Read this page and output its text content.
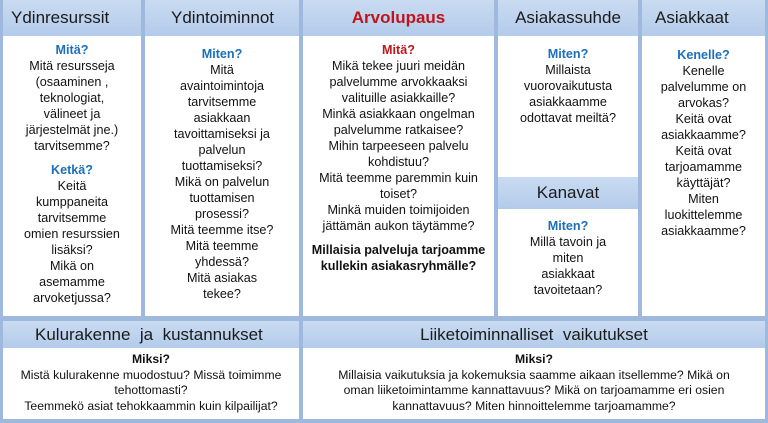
Ydinresurssit
Mitä?
Mitä resursseja
(osaaminen ,
teknologiat,
välineet ja
järjestelmät jne.)
tarvitsemme?
Ketkä?
Keitä
kumppaneita
tarvitsemme
omien resurssien
lisäksi?
Mikä on
asemamme
arvoketjussa?
Ydintoiminnot
Miten?
Mitä
avaintoimintoja
tarvitsemme
asiakkaan
tavoittamiseksi ja
palvelun
tuottamiseksi?
Mikä on palvelun
tuottamisen
prosessi?
Mitä teemme itse?
Mitä teemme
yhdessä?
Mitä asiakas
tekee?
Arvolupaus
Mitä?
Mikä tekee juuri meidän
palvelumme arvokkaaksi
valituille asiakkaille?
Minkä asiakkaan ongelman
palvelumme ratkaisee?
Mihin tarpeeseen palvelu
kohdistuu?
Mitä teemme paremmin kuin
toiset?
Minkä muiden toimijoiden
jättämän aukon täytämme?
Millaisia palveluja tarjoamme
kullekin asiakasryhmälle?
Asiakassuhde
Miten?
Millaista
vuorovaikutusta
asiakkaamme
odottavat meiltä?
Kanavat
Miten?
Millä tavoin ja
miten
asiakkaat
tavoitetaan?
Asiakkaat
Kenelle?
Kenelle
palvelumme on
arvokas?
Keitä ovat
asiakkaamme?
Keitä ovat
tarjoamamme
käyttäjät?
Miten
luokittelemme
asiakkaamme?
Kulurakenne  ja  kustannukset
Miksi?
Mistä kulurakenne muodostuu? Missä toimimme
tehottomasti?
Teemmekö asiat tehokkaammin kuin kilpailijat?
Liiketoiminnalliset  vaikutukset
Miksi?
Millaisia vaikutuksia ja kokemuksia saamme aikaan itsellemme? Mikä on
oman liiketoimintamme kannattavuus? Mikä on tarjoamamme eri osien
kannattavuus? Miten hinnoittelemme tarjoamamme?
